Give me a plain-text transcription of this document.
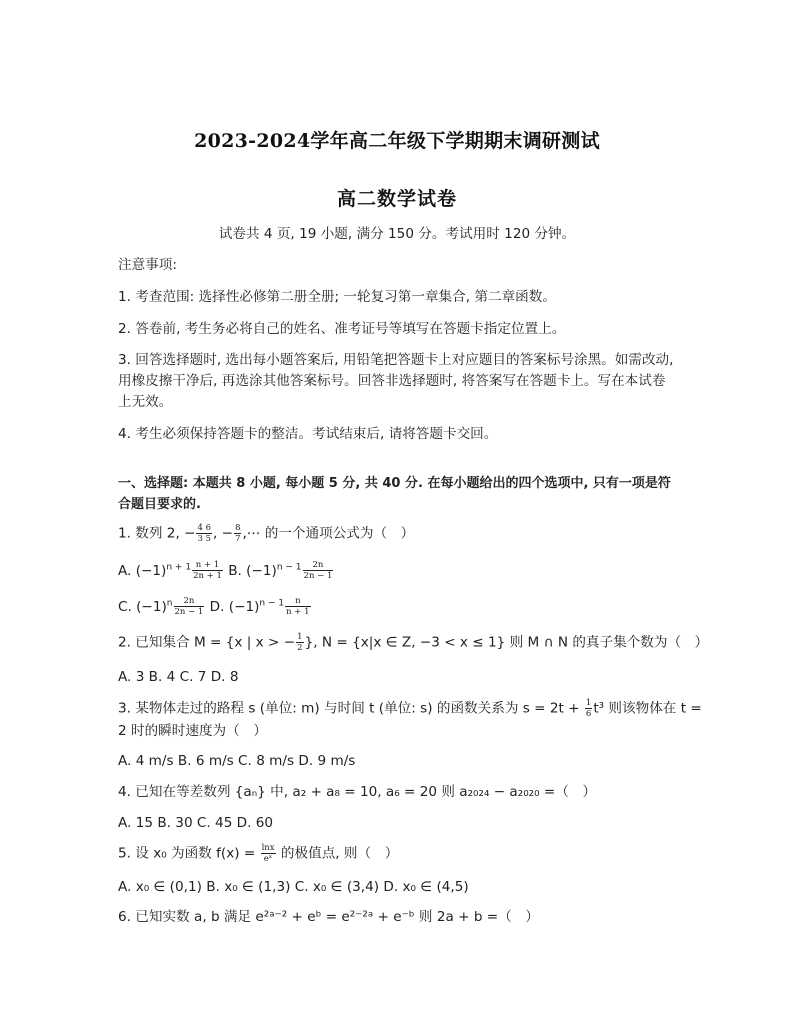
2023-2024学年高二年级下学期期末调研测试
高二数学试卷
试卷共 4 页, 19 小题, 满分 150 分。考试用时 120 分钟。
注意事项:
1. 考查范围: 选择性必修第二册全册; 一轮复习第一章集合, 第二章函数。
2. 答卷前, 考生务必将自己的姓名、准考证号等填写在答题卡指定位置上。
3. 回答选择题时, 选出每小题答案后, 用铅笔把答题卡上对应题目的答案标号涂黑。如需改动, 用橡皮擦干净后, 再选涂其他答案标号。回答非选择题时, 将答案写在答题卡上。写在本试卷上无效。
4. 考生必须保持答题卡的整洁。考试结束后, 请将答题卡交回。
一、选择题: 本题共 8 小题, 每小题 5 分, 共 40 分. 在每小题给出的四个选项中, 只有一项是符合题目要求的.
1. 数列 2, − $\frac{4 6}{3 5}$ , − $\frac{8}{7}$ ,⋯ 的一个通项公式为（　）
A. $(-1)^{n + 1} \frac{n + 1}{2n + 1} B$. $(-1)^{n - 1} \frac{2n}{2n - 1}$
C. $(-1)^n \frac{2n}{2n - 1} D$. $(-1)^{n - 1} \frac{n}{n + 1}$
2. 已知集合 M = {x | x > − $\frac{1}{2}$ }, N = {x|x ∈ Z, −3 < x ≤ 1} 则 M ∩ N 的真子集个数为（　）
A. 3 B. 4 C. 7 D. 8
3. 某物体走过的路程 s (单位: m) 与时间 t (单位: s) 的函数关系为 $s = 2t + \frac{1}{6} t^3$ 则该物体在 t =
2 时的瞬时速度为（　）
A. 4 m/s B. 6 m/s C. 8 m/s D. 9 m/s
4. 已知在等差数列 {aₙ} 中, a₂ + a₈ = 10, a₆ = 20 则 a₂₀₂₄ − a₂₀₂₀ =（　）
A. 15 B. 30 C. 45 D. 60
5. 设 x₀ 为函数 $f(x) = \frac{\ln x}{\text{eˣ}}$ 的极值点, 则（　）
A. x₀ ∈ (0,1) B. x₀ ∈ (1,3) C. x₀ ∈ (3,4) D. x₀ ∈ (4,5)
6. 已知实数 a, b 满足 e²ᵃ⁻² + eᵇ = e²⁻²ᵃ + e⁻ᵇ 则 2a + b =（　）
